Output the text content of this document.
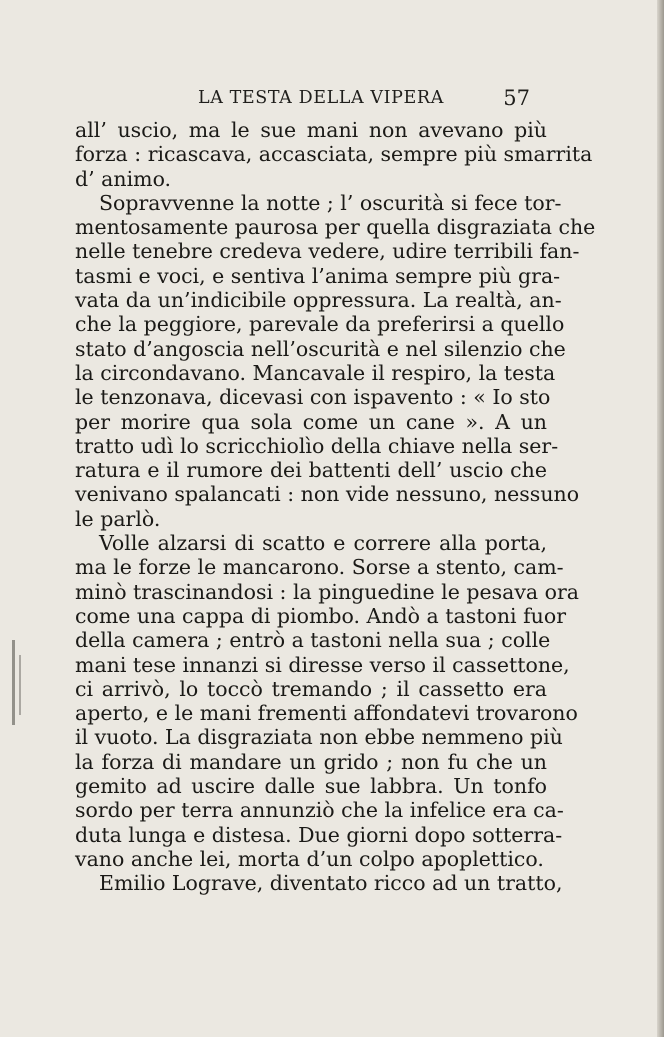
LA TESTA DELLA VIPERA	57
all’ uscio, ma le sue mani non avevano più
forza : ricascava, accasciata, sempre più smarrita
d’ animo.
Sopravvenne la notte ; l’ oscurità si fece tor-
mentosamente paurosa per quella disgraziata che
nelle tenebre credeva vedere, udire terribili fan-
tasmi e voci, e sentiva l’anima sempre più gra-
vata da un’indicibile oppressura. La realtà, an-
che la peggiore, parevale da preferirsi a quello
stato d’angoscia nell’oscurità e nel silenzio che
la circondavano. Mancavale il respiro, la testa
le tenzonava, dicevasi con ispavento : « Io sto
per morire qua sola come un cane ». A un
tratto udì lo scricchiolìo della chiave nella ser-
ratura e il rumore dei battenti dell’ uscio che
venivano spalancati : non vide nessuno, nessuno
le parlò.
Volle alzarsi di scatto e correre alla porta,
ma le forze le mancarono. Sorse a stento, cam-
minò trascinandosi : la pinguedine le pesava ora
come una cappa di piombo. Andò a tastoni fuor
della camera ; entrò a tastoni nella sua ; colle
mani tese innanzi si diresse verso il cassettone,
ci arrivò, lo toccò tremando ; il cassetto era
aperto, e le mani frementi affondatevi trovarono
il vuoto. La disgraziata non ebbe nemmeno più
la forza di mandare un grido ; non fu che un
gemito ad uscire dalle sue labbra. Un tonfo
sordo per terra annunziò che la infelice era ca-
duta lunga e distesa. Due giorni dopo sotterra-
vano anche lei, morta d’un colpo apoplettico.
Emilio Lograve, diventato ricco ad un tratto,
